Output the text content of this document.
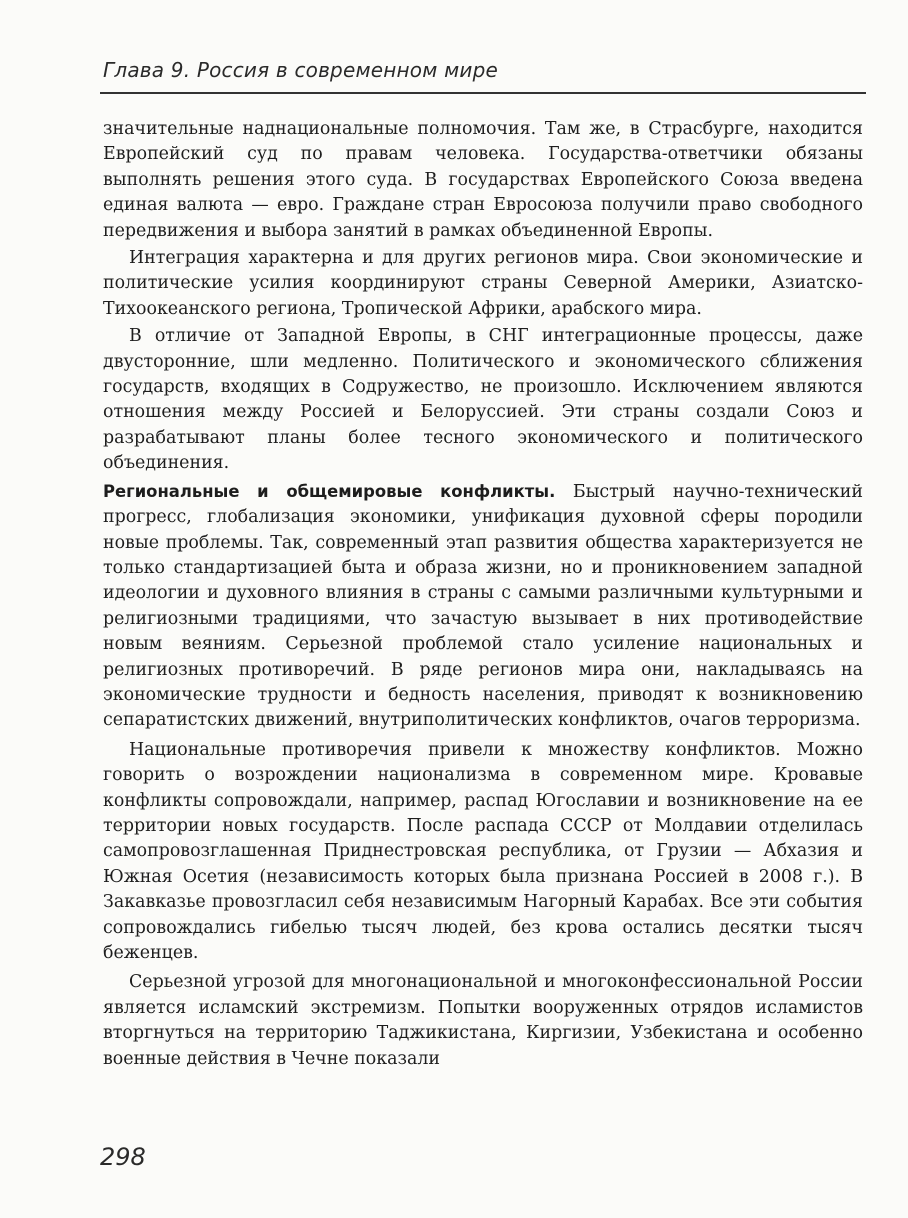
Глава 9. Россия в современном мире

значительные наднациональные полномочия. Там же, в Страсбурге, находится Европейский суд по правам человека. Государства-ответчики обязаны выполнять решения этого суда. В государствах Европейского Союза введена единая валюта — евро. Граждане стран Евросоюза получили право свободного передвижения и выбора занятий в рамках объединенной Европы.

Интеграция характерна и для других регионов мира. Свои экономические и политические усилия координируют страны Северной Америки, Азиатско-Тихоокеанского региона, Тропической Африки, арабского мира.

В отличие от Западной Европы, в СНГ интеграционные процессы, даже двусторонние, шли медленно. Политического и экономического сближения государств, входящих в Содружество, не произошло. Исключением являются отношения между Россией и Белоруссией. Эти страны создали Союз и разрабатывают планы более тесного экономического и политического объединения.

Региональные и общемировые конфликты. Быстрый научно-технический прогресс, глобализация экономики, унификация духовной сферы породили новые проблемы. Так, современный этап развития общества характеризуется не только стандартизацией быта и образа жизни, но и проникновением западной идеологии и духовного влияния в страны с самыми различными культурными и религиозными традициями, что зачастую вызывает в них противодействие новым веяниям. Серьезной проблемой стало усиление национальных и религиозных противоречий. В ряде регионов мира они, накладываясь на экономические трудности и бедность населения, приводят к возникновению сепаратистских движений, внутриполитических конфликтов, очагов терроризма.

Национальные противоречия привели к множеству конфликтов. Можно говорить о возрождении национализма в современном мире. Кровавые конфликты сопровождали, например, распад Югославии и возникновение на ее территории новых государств. После распада СССР от Молдавии отделилась самопровозглашенная Приднестровская республика, от Грузии — Абхазия и Южная Осетия (независимость которых была признана Россией в 2008 г.). В Закавказье провозгласил себя независимым Нагорный Карабах. Все эти события сопровождались гибелью тысяч людей, без крова остались десятки тысяч беженцев.

Серьезной угрозой для многонациональной и многоконфессиональной России является исламский экстремизм. Попытки вооруженных отрядов исламистов вторгнуться на территорию Таджикистана, Киргизии, Узбекистана и особенно военные действия в Чечне показали

298
